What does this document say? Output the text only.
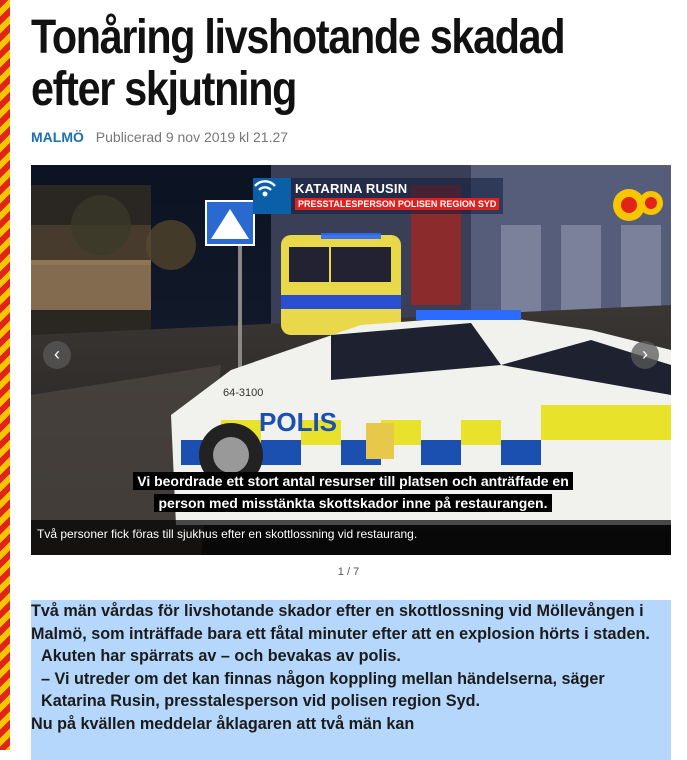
Tonåring livshotande skadad efter skjutning
MALMÖ Publicerad 9 nov 2019 kl 21.27
POLIS
64-3100
KATARINA RUSIN
PRESSTALESPERSON POLISEN REGION SYD
Vi beordrade ett stort antal resurser till platsen och anträffade en person med misstänkta skottskador inne på restaurangen.
‹	›
Två personer fick föras till sjukhus efter en skottlossning vid restaurang.
1 / 7

Två män vårdas för livshotande skador efter en skottlossning vid Möllevången i Malmö, som inträffade bara ett fåtal minuter efter att en explosion hörts i staden.

Akuten har spärrats av – och bevakas av polis.

– Vi utreder om det kan finnas någon koppling mellan händelserna, säger Katarina Rusin, presstalesperson vid polisen region Syd.

Nu på kvällen meddelar åklagaren att två män kan
